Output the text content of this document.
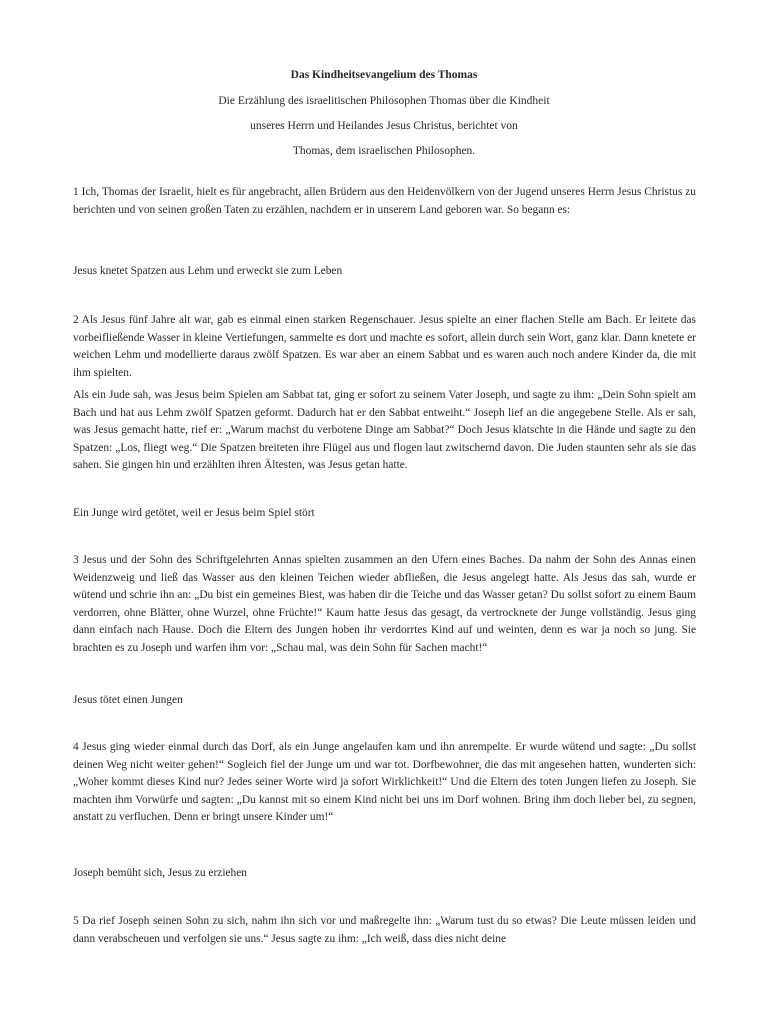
Das Kindheitsevangelium des Thomas

Die Erzählung des israelitischen Philosophen Thomas über die Kindheit

unseres Herrn und Heilandes Jesus Christus, berichtet von

Thomas, dem israelischen Philosophen.

1 Ich, Thomas der Israelit, hielt es für angebracht, allen Brüdern aus den Heidenvölkern von der Jugend unseres Herrn Jesus Christus zu berichten und von seinen großen Taten zu erzählen, nachdem er in unserem Land geboren war. So begann es:

Jesus knetet Spatzen aus Lehm und erweckt sie zum Leben

2 Als Jesus fünf Jahre alt war, gab es einmal einen starken Regenschauer. Jesus spielte an einer flachen Stelle am Bach. Er leitete das vorbeifließende Wasser in kleine Vertiefungen, sammelte es dort und machte es sofort, allein durch sein Wort, ganz klar. Dann knetete er weichen Lehm und modellierte daraus zwölf Spatzen. Es war aber an einem Sabbat und es waren auch noch andere Kinder da, die mit ihm spielten.

Als ein Jude sah, was Jesus beim Spielen am Sabbat tat, ging er sofort zu seinem Vater Joseph, und sagte zu ihm: „Dein Sohn spielt am Bach und hat aus Lehm zwölf Spatzen geformt. Dadurch hat er den Sabbat entweiht.“ Joseph lief an die angegebene Stelle. Als er sah, was Jesus gemacht hatte, rief er: „Warum machst du verbotene Dinge am Sabbat?“ Doch Jesus klatschte in die Hände und sagte zu den Spatzen: „Los, fliegt weg.“ Die Spatzen breiteten ihre Flügel aus und flogen laut zwitschernd davon. Die Juden staunten sehr als sie das sahen. Sie gingen hin und erzählten ihren Ältesten, was Jesus getan hatte.

Ein Junge wird getötet, weil er Jesus beim Spiel stört

3 Jesus und der Sohn des Schriftgelehrten Annas spielten zusammen an den Ufern eines Baches. Da nahm der Sohn des Annas einen Weidenzweig und ließ das Wasser aus den kleinen Teichen wieder abfließen, die Jesus angelegt hatte. Als Jesus das sah, wurde er wütend und schrie ihn an: „Du bist ein gemeines Biest, was haben dir die Teiche und das Wasser getan? Du sollst sofort zu einem Baum verdorren, ohne Blätter, ohne Wurzel, ohne Früchte!“ Kaum hatte Jesus das gesagt, da vertrocknete der Junge vollständig. Jesus ging dann einfach nach Hause. Doch die Eltern des Jungen hoben ihr verdorrtes Kind auf und weinten, denn es war ja noch so jung. Sie brachten es zu Joseph und warfen ihm vor: „Schau mal, was dein Sohn für Sachen macht!“

Jesus tötet einen Jungen

4 Jesus ging wieder einmal durch das Dorf, als ein Junge angelaufen kam und ihn anrempelte. Er wurde wütend und sagte: „Du sollst deinen Weg nicht weiter gehen!“ Sogleich fiel der Junge um und war tot. Dorfbewohner, die das mit angesehen hatten, wunderten sich: „Woher kommt dieses Kind nur? Jedes seiner Worte wird ja sofort Wirklichkeit!“ Und die Eltern des toten Jungen liefen zu Joseph. Sie machten ihm Vorwürfe und sagten: „Du kannst mit so einem Kind nicht bei uns im Dorf wohnen. Bring ihm doch lieber bei, zu segnen, anstatt zu verfluchen. Denn er bringt unsere Kinder um!“

Joseph bemüht sich, Jesus zu erziehen

5 Da rief Joseph seinen Sohn zu sich, nahm ihn sich vor und maßregelte ihn: „Warum tust du so etwas? Die Leute müssen leiden und dann verabscheuen und verfolgen sie uns.“ Jesus sagte zu ihm: „Ich weiß, dass dies nicht deine
